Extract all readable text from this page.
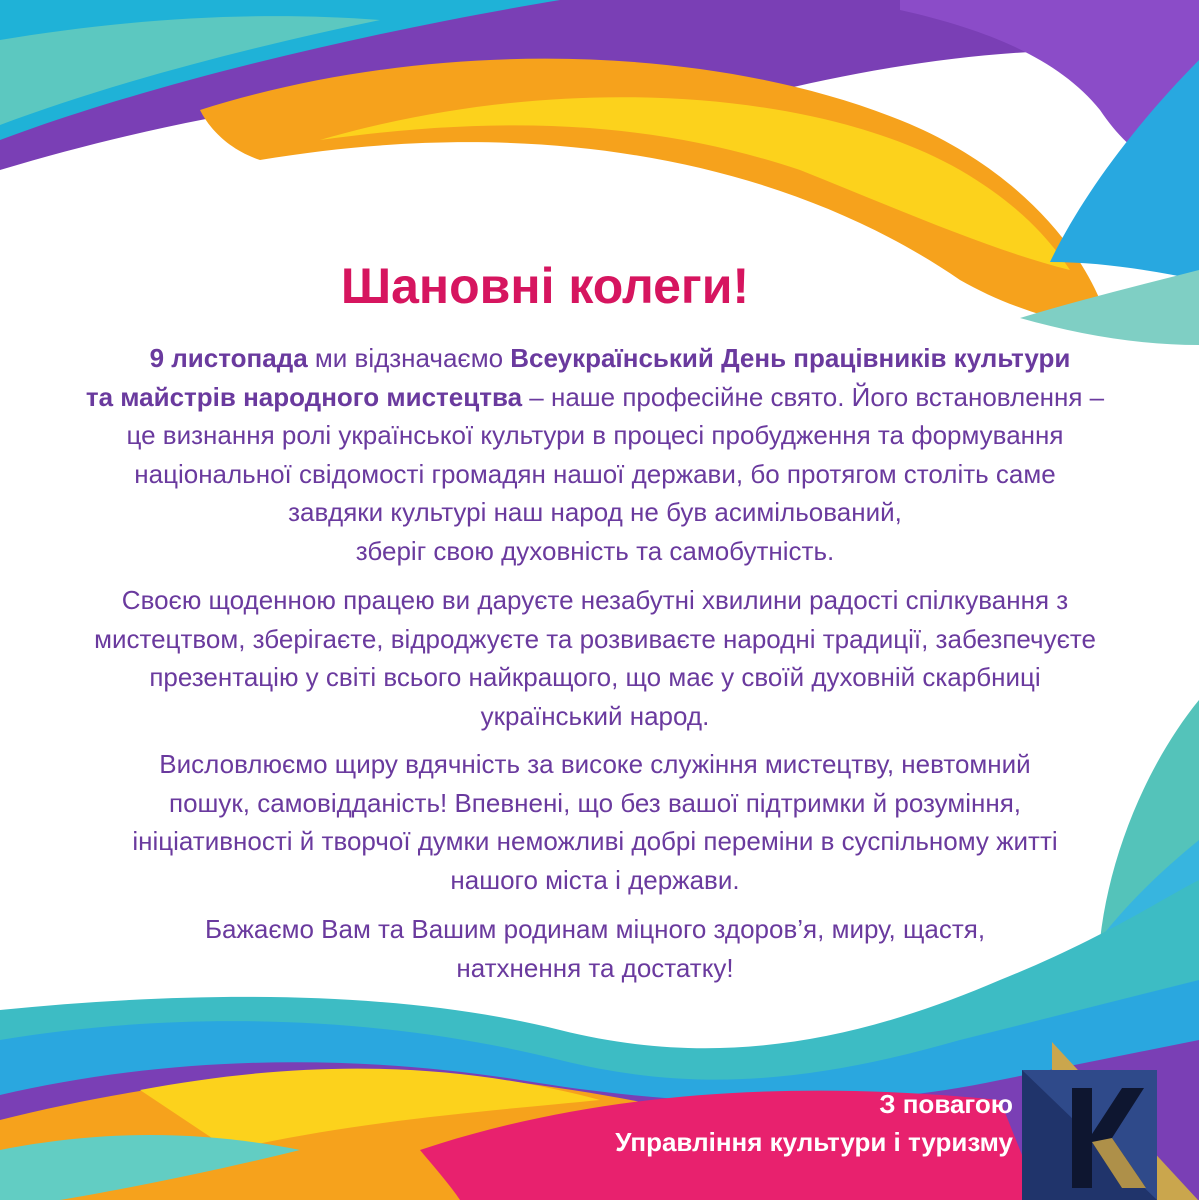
Шановні колеги!

9 листопада ми відзначаємо Всеукраїнський День працівників культури
та майстрів народного мистецтва – наше професійне свято. Його встановлення –
це визнання ролі української культури в процесі пробудження та формування
національної свідомості громадян нашої держави, бо протягом століть саме
завдяки культурі наш народ не був асимільований,
зберіг свою духовність та самобутність.

Своєю щоденною працею ви даруєте незабутні хвилини радості спілкування з
мистецтвом, зберігаєте, відроджуєте та розвиваєте народні традиції, забезпечуєте
презентацію у світі всього найкращого, що має у своїй духовній скарбниці
український народ.

Висловлюємо щиру вдячність за високе служіння мистецтву, невтомний
пошук, самовідданість! Впевнені, що без вашої підтримки й розуміння,
ініціативності й творчої думки неможливі добрі переміни в суспільному житті
нашого міста і держави.

Бажаємо Вам та Вашим родинам міцного здоров’я, миру, щастя,
натхнення та достатку!

З повагою

Управління культури і туризму
